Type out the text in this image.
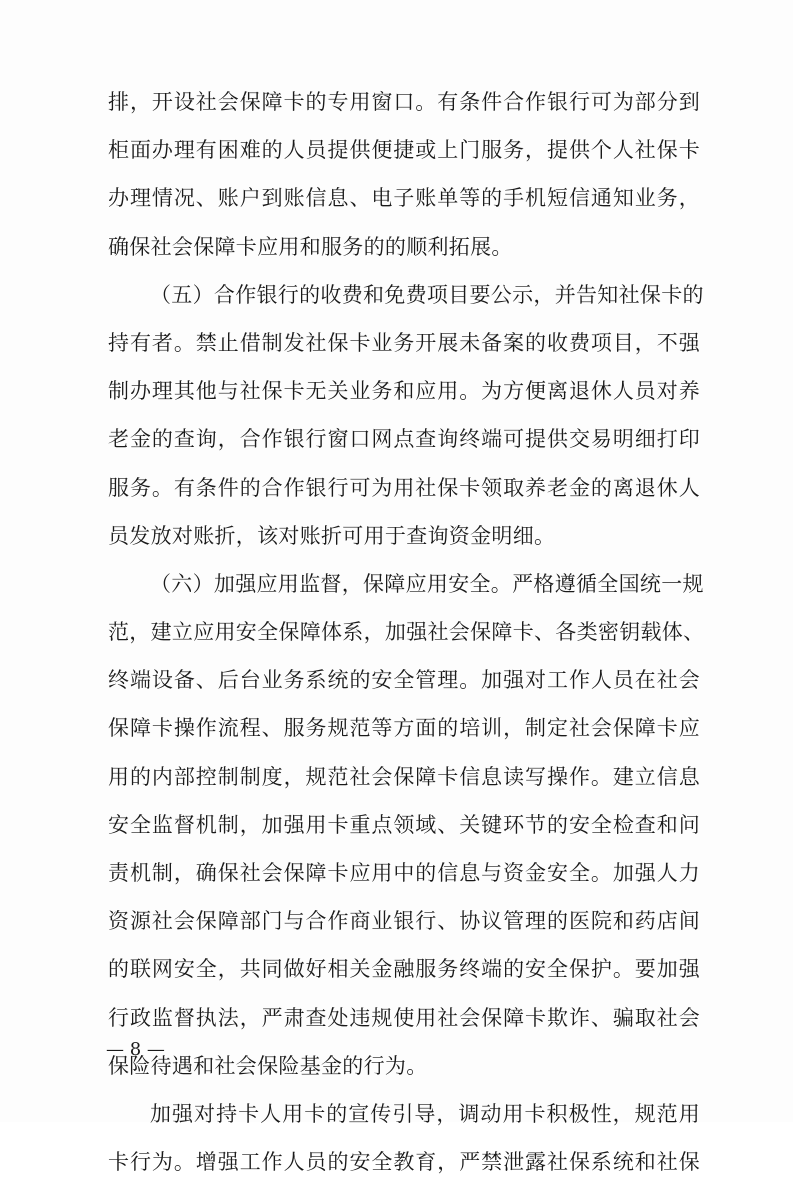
排，开设社会保障卡的专用窗口。有条件合作银行可为部分到
柜面办理有困难的人员提供便捷或上门服务，提供个人社保卡
办理情况、账户到账信息、电子账单等的手机短信通知业务，
确保社会保障卡应用和服务的的顺利拓展。
（五）合作银行的收费和免费项目要公示，并告知社保卡的
持有者。禁止借制发社保卡业务开展未备案的收费项目，不强
制办理其他与社保卡无关业务和应用。为方便离退休人员对养
老金的查询，合作银行窗口网点查询终端可提供交易明细打印
服务。有条件的合作银行可为用社保卡领取养老金的离退休人
员发放对账折，该对账折可用于查询资金明细。
（六）加强应用监督，保障应用安全。严格遵循全国统一规
范，建立应用安全保障体系，加强社会保障卡、各类密钥载体、
终端设备、后台业务系统的安全管理。加强对工作人员在社会
保障卡操作流程、服务规范等方面的培训，制定社会保障卡应
用的内部控制制度，规范社会保障卡信息读写操作。建立信息
安全监督机制，加强用卡重点领域、关键环节的安全检查和问
责机制，确保社会保障卡应用中的信息与资金安全。加强人力
资源社会保障部门与合作商业银行、协议管理的医院和药店间
的联网安全，共同做好相关金融服务终端的安全保护。要加强
行政监督执法，严肃查处违规使用社会保障卡欺诈、骗取社会
保险待遇和社会保险基金的行为。
加强对持卡人用卡的宣传引导，调动用卡积极性，规范用
卡行为。增强工作人员的安全教育，严禁泄露社保系统和社保
— 8 —
